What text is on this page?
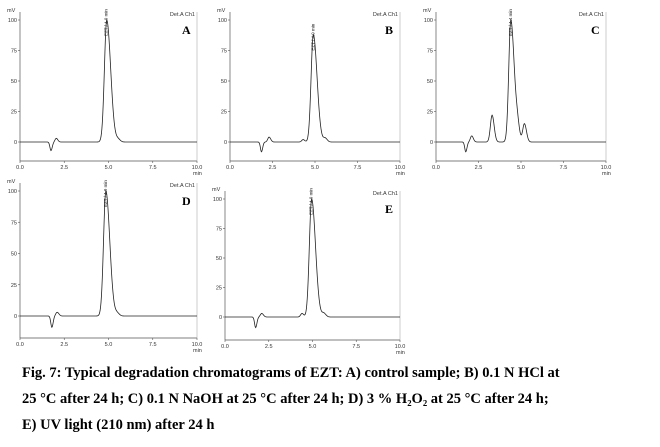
0
25
50
75
100
0.0	2.5	5.0	7.5	10.0
mV
min
Det.A Ch1
A
EZT / 4.9 min
0
25
50
75
100
0.0	2.5	5.0	7.5	10.0
mV
min
Det.A Ch1
B
EZT / 4.9 min
0
25
50
75
100
0.0	2.5	5.0	7.5	10.0
mV
min
Det.A Ch1
C
EZT / 4.4 min
0
25
50
75
100
0.0	2.5	5.0	7.5	10.0
mV
min
Det.A Ch1
D
EZT / 4.9 min
0
25
50
75
100
0.0	2.5	5.0	7.5	10.0
mV
min
Det.A Ch1
E
EZT / 4.9 min
Fig. 7: Typical degradation chromatograms of EZT: A) control sample; B) 0.1 N HCl at
25 °C after 24 h; C) 0.1 N NaOH at 25 °C after 24 h; D) 3 % H₂O₂ at 25 °C after 24 h;
E) UV light (210 nm) after 24 h
